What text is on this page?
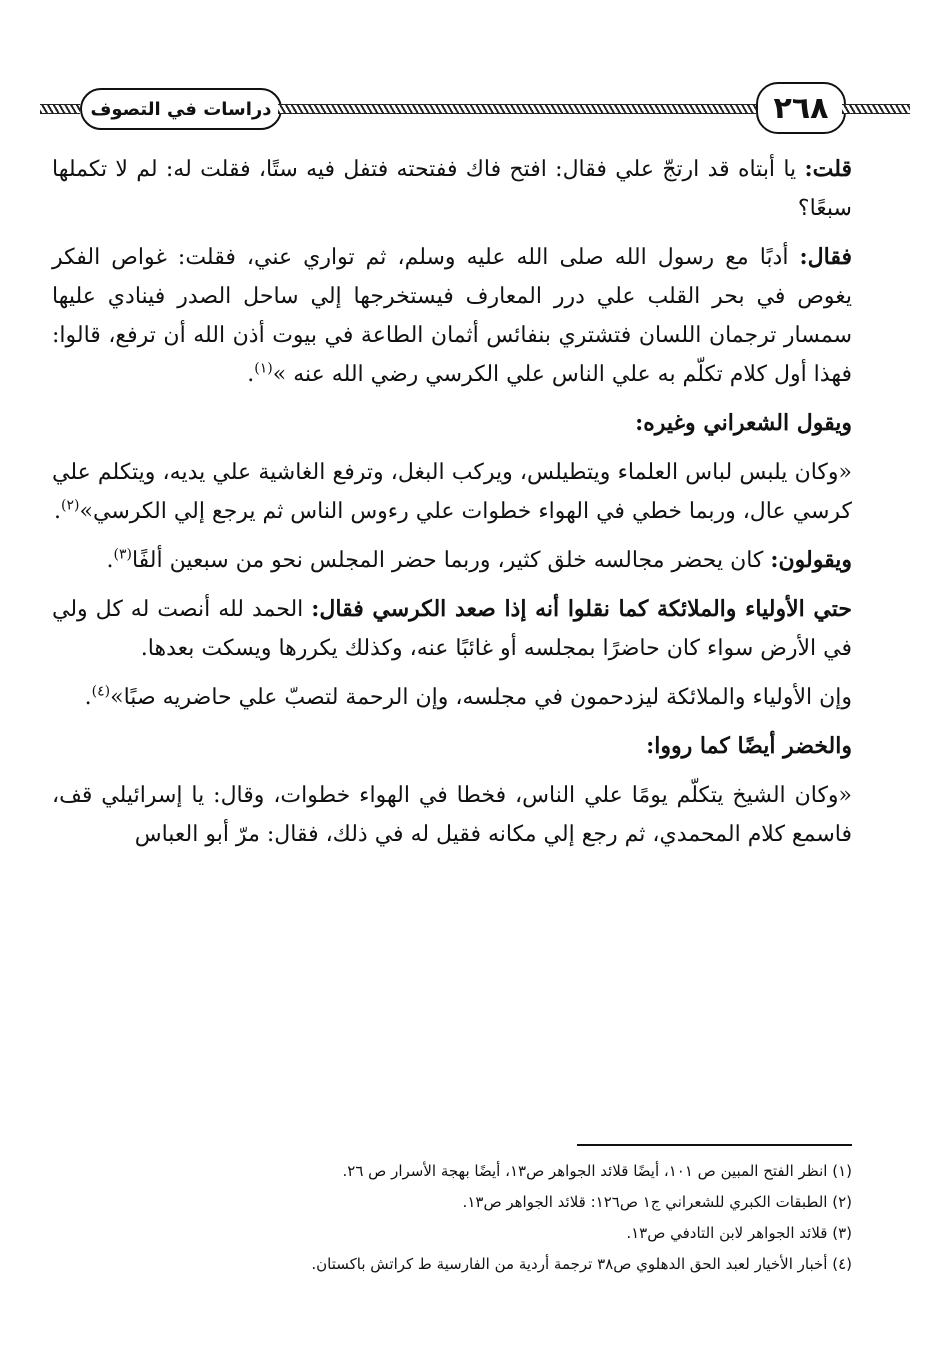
دراسات في التصوف	٢٦٨

قلت: يا أبتاه قد ارتجّ علي فقال: افتح فاك ففتحته فتفل فيه ستًا، فقلت له: لم لا تكملها سبعًا؟

فقال: أدبًا مع رسول الله صلى الله عليه وسلم، ثم تواري عني، فقلت: غواص الفكر يغوص في بحر القلب علي درر المعارف فيستخرجها إلي ساحل الصدر فينادي عليها سمسار ترجمان اللسان فتشتري بنفائس أثمان الطاعة في بيوت أذن الله أن ترفع، قالوا: فهذا أول كلام تكلّم به علي الناس علي الكرسي رضي الله عنه »$^{(١)}$.

ويقول الشعراني وغيره:

«وكان يلبس لباس العلماء ويتطيلس، ويركب البغل، وترفع الغاشية علي يديه، ويتكلم علي كرسي عال، وربما خطي في الهواء خطوات علي رءوس الناس ثم يرجع إلي الكرسي»$^{(٢)}$.

ويقولون: كان يحضر مجالسه خلق كثير، وربما حضر المجلس نحو من سبعين ألفًا$^{(٣)}$.

حتي الأولياء والملائكة كما نقلوا أنه إذا صعد الكرسي فقال: الحمد لله أنصت له كل ولي في الأرض سواء كان حاضرًا بمجلسه أو غائبًا عنه، وكذلك يكررها ويسكت بعدها.

وإن الأولياء والملائكة ليزدحمون في مجلسه، وإن الرحمة لتصبّ علي حاضريه صبًا»$^{(٤)}$.

والخضر أيضًا كما رووا:

«وكان الشيخ يتكلّم يومًا علي الناس، فخطا في الهواء خطوات، وقال: يا إسرائيلي قف، فاسمع كلام المحمدي، ثم رجع إلي مكانه فقيل له في ذلك، فقال: مرّ أبو العباس

(١) انظر الفتح المبين ص ١٠١، أيضًا قلائد الجواهر ص١٣، أيضًا بهجة الأسرار ص ٢٦.
(٢) الطبقات الكبري للشعراني ج١ ص١٢٦: قلائد الجواهر ص١٣.
(٣) قلائد الجواهر لابن التادفي ص١٣.
(٤) أخبار الأخيار لعبد الحق الدهلوي ص٣٨ ترجمة أردية من الفارسية ط كراتش باكستان.
